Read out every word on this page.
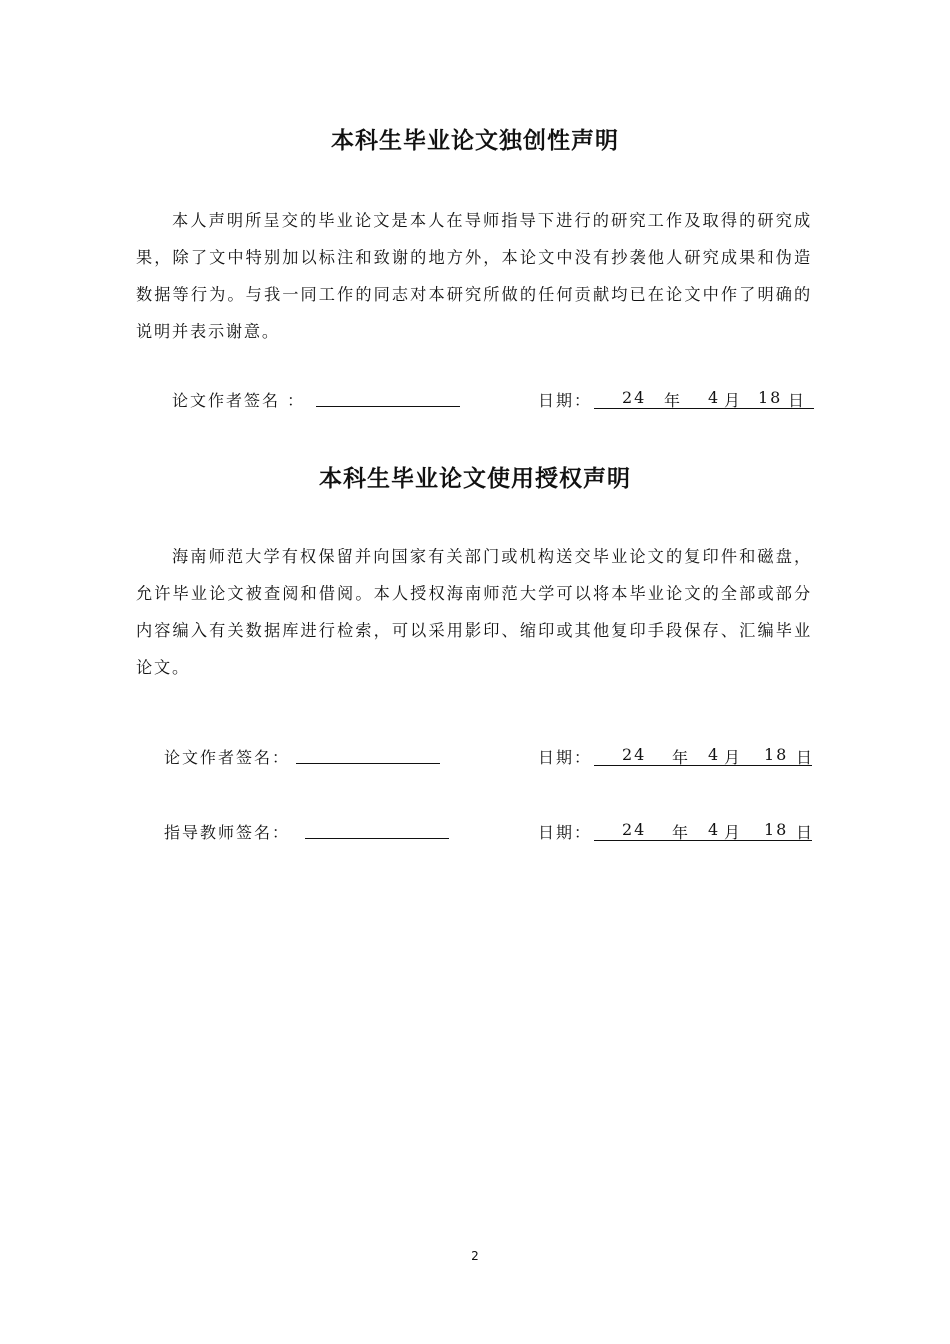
本科生毕业论文独创性声明

本人声明所呈交的毕业论文是本人在导师指导下进行的研究工作及取得的研究成果，除了文中特别加以标注和致谢的地方外，本论文中没有抄袭他人研究成果和伪造数据等行为。与我一同工作的同志对本研究所做的任何贡献均已在论文中作了明确的说明并表示谢意。

论文作者签名 ：	日期： 24 年 4 月 18 日
本科生毕业论文使用授权声明

海南师范大学有权保留并向国家有关部门或机构送交毕业论文的复印件和磁盘，允许毕业论文被查阅和借阅。本人授权海南师范大学可以将本毕业论文的全部或部分内容编入有关数据库进行检索，可以采用影印、缩印或其他复印手段保存、汇编毕业论文。

论文作者签名：	日期： 24 年 4 月 18 日
指导教师签名：	日期： 24 年 4 月 18 日
2
